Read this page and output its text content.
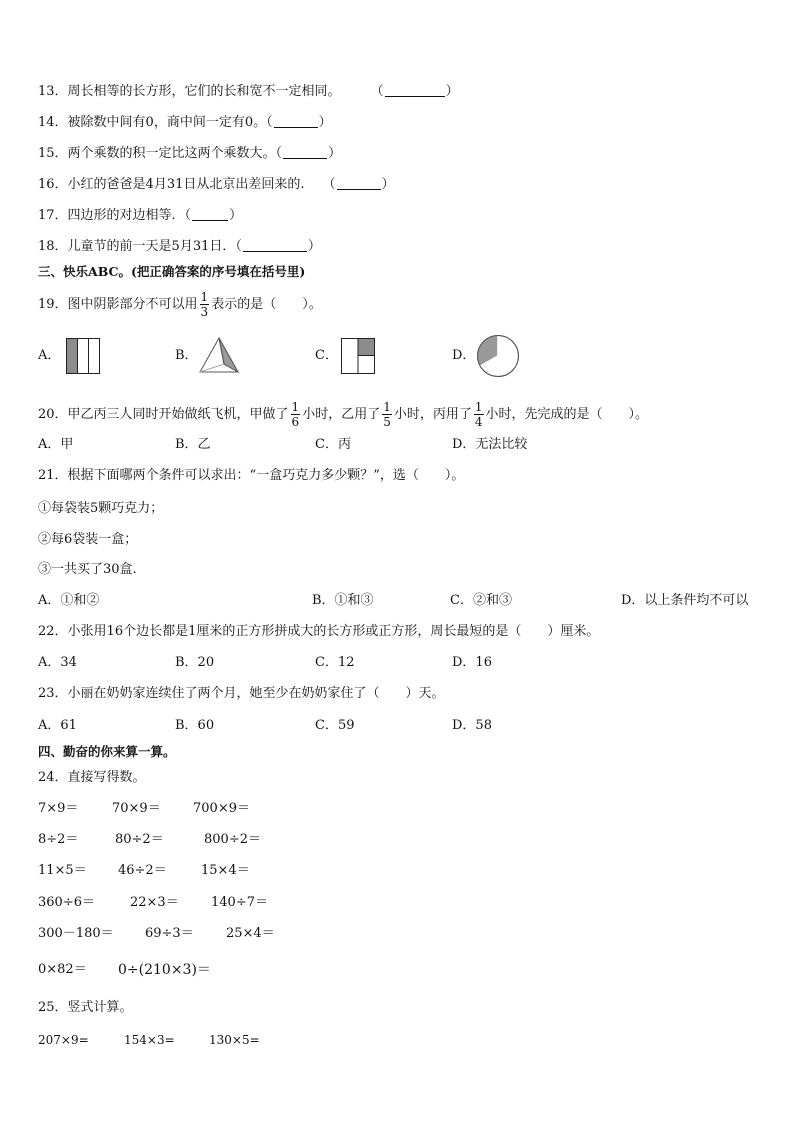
13．周长相等的长方形，它们的长和宽不一定相同。 （	）
14．被除数中间有0，商中间一定有0。（	）
15．两个乘数的积一定比这两个乘数大。（	）
16．小红的爸爸是4月31日从北京出差回来的. （	）
17．四边形的对边相等．（	）
18．儿童节的前一天是5月31日．（	）
三、快乐ABC。(把正确答案的序号填在括号里)
19．图中阴影部分不可以用 $\frac{1}{3}$ 表示的是（　　）。
A．	B．	C．	D．
20．甲乙丙三人同时开始做纸飞机，甲做了 $\frac{1}{6}$ 小时，乙用了 $\frac{1}{5}$ 小时，丙用了 $\frac{1}{4}$ 小时，先完成的是（　　）。
A．甲	B．乙	C．丙	D．无法比较
21．根据下面哪两个条件可以求出：“一盒巧克力多少颗？”，选（　　）。
①每袋装5颗巧克力；
②每6袋装一盒；
③一共买了30盒.
A．①和②	B．①和③	C．②和③	D．以上条件均不可以
22．小张用16个边长都是1厘米的正方形拼成大的长方形或正方形，周长最短的是（　　）厘米。
A．34	B．20	C．12	D．16
23．小丽在奶奶家连续住了两个月，她至少在奶奶家住了（　　）天。
A．61	B．60	C．59	D．58
四、勤奋的你来算一算。
24．直接写得数。
7×9＝	70×9＝ 700×9＝
8÷2＝	80÷2＝	800÷2＝
11×5＝ 46÷2＝	15×4＝
360÷6＝	22×3＝ 140÷7＝
300－180＝ 69÷3＝ 25×4＝
0×82＝ 0÷(210×3)＝
25．竖式计算。
207×9=	154×3=	130×5=
